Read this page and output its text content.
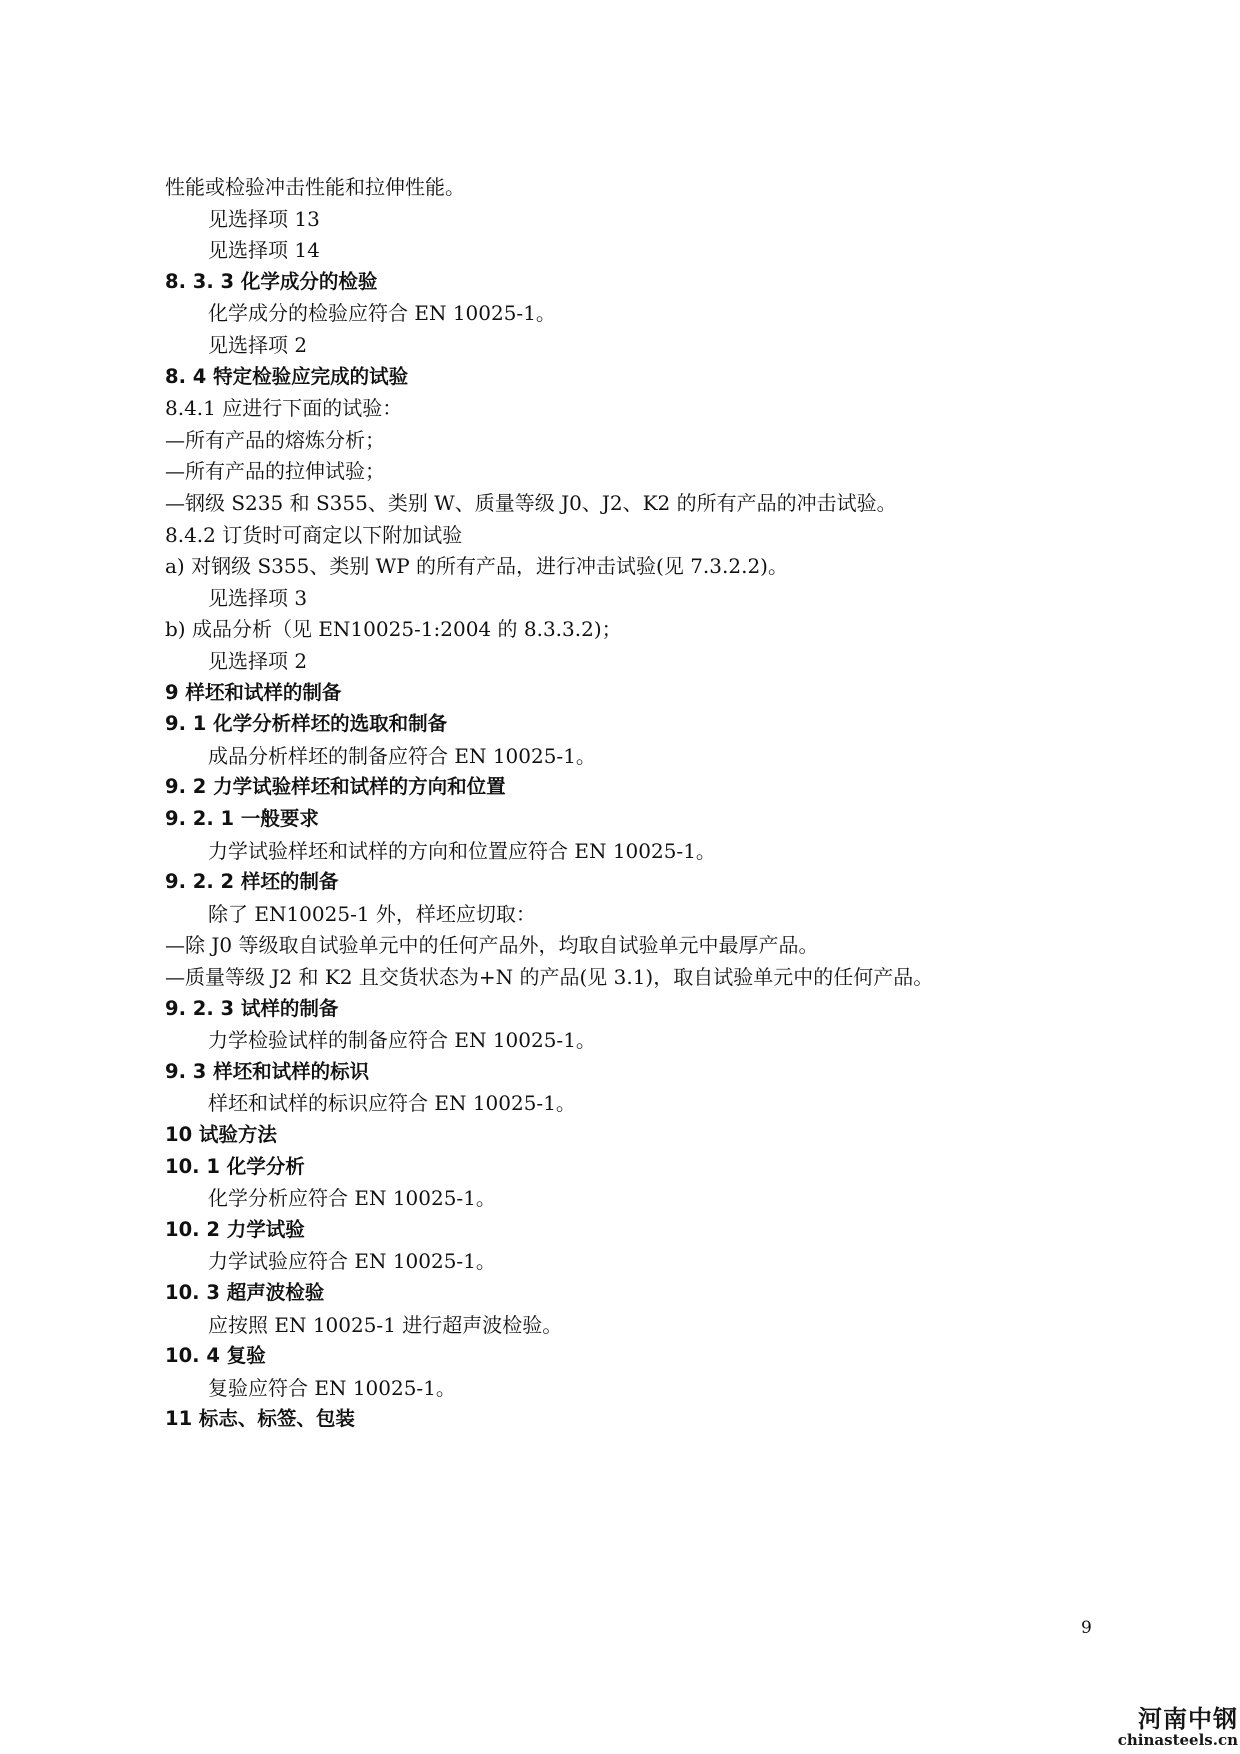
性能或检验冲击性能和拉伸性能。
见选择项 13
见选择项 14
8. 3. 3 化学成分的检验
化学成分的检验应符合 EN 10025-1。
见选择项 2
8. 4 特定检验应完成的试验
8.4.1 应进行下面的试验：
—所有产品的熔炼分析；
—所有产品的拉伸试验；
—钢级 S235 和 S355、类别 W、质量等级 J0、J2、K2 的所有产品的冲击试验。
8.4.2 订货时可商定以下附加试验
a) 对钢级 S355、类别 WP 的所有产品，进行冲击试验(见 7.3.2.2)。
见选择项 3
b) 成品分析（见 EN10025-1:2004 的 8.3.3.2)；
见选择项 2
9 样坯和试样的制备
9. 1 化学分析样坯的选取和制备
成品分析样坯的制备应符合 EN 10025-1。
9. 2 力学试验样坯和试样的方向和位置
9. 2. 1 一般要求
力学试验样坯和试样的方向和位置应符合 EN 10025-1。
9. 2. 2 样坯的制备
除了 EN10025-1 外，样坯应切取：
—除 J0 等级取自试验单元中的任何产品外，均取自试验单元中最厚产品。
—质量等级 J2 和 K2 且交货状态为+N 的产品(见 3.1)，取自试验单元中的任何产品。
9. 2. 3 试样的制备
力学检验试样的制备应符合 EN 10025-1。
9. 3 样坯和试样的标识
样坯和试样的标识应符合 EN 10025-1。
10 试验方法
10. 1 化学分析
化学分析应符合 EN 10025-1。
10. 2 力学试验
力学试验应符合 EN 10025-1。
10. 3 超声波检验
应按照 EN 10025-1 进行超声波检验。
10. 4 复验
复验应符合 EN 10025-1。
11 标志、标签、包装
9
河南中钢
chinasteels.cn
